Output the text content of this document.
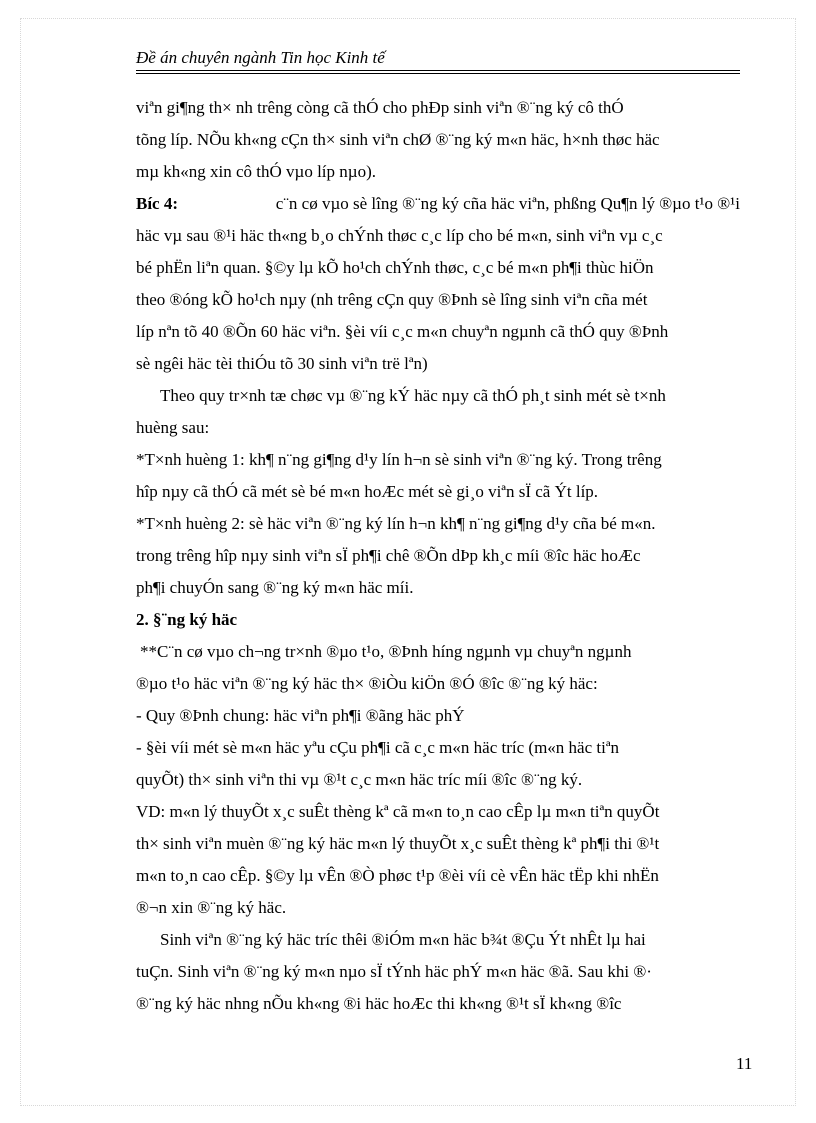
Đề án chuyên ngành Tin học Kinh tế
viªn gi¶ng th× nh trêng còng cã thÓ cho phÐp sinh viªn ®¨ng ký cô thÓ
tõng líp. NÕu kh«ng cÇn th× sinh viªn chØ ®¨ng ký m«n häc, h×nh thøc häc
mµ kh«ng xin cô thÓ vµo líp nµo).
Bíc 4:	c¨n cø vµo sè lîng ®¨ng ký cña häc viªn, phßng Qu¶n lý ®µo t¹o ®¹i
häc vµ sau ®¹i häc th«ng b¸o chÝnh thøc c¸c líp cho bé m«n, sinh viªn vµ c¸c
bé phËn liªn quan. §©y lµ kÕ ho¹ch chÝnh thøc, c¸c bé m«n ph¶i thùc hiÖn
theo ®óng kÕ ho¹ch nµy (nh trêng cÇn quy ®Þnh sè lîng sinh viªn cña mét
líp nªn tõ 40 ®Õn 60 häc viªn. §èi víi c¸c m«n chuyªn ngµnh cã thÓ quy ®Þnh
sè ngêi häc tèi thiÓu tõ 30 sinh viªn trë lªn)
Theo quy tr×nh tæ chøc vµ ®¨ng kÝ häc nµy cã thÓ ph¸t sinh mét sè t×nh
huèng sau:
*T×nh huèng 1: kh¶ n¨ng gi¶ng d¹y lín h¬n sè sinh viªn ®¨ng ký. Trong trêng
hîp nµy cã thÓ cã mét sè bé m«n hoÆc mét sè gi¸o viªn sÏ cã Ýt líp.
*T×nh huèng 2: sè häc viªn ®¨ng ký lín h¬n kh¶ n¨ng gi¶ng d¹y cña bé m«n.
trong trêng hîp nµy sinh viªn sÏ ph¶i chê ®Õn dÞp kh¸c míi ®îc häc hoÆc
ph¶i chuyÓn sang ®¨ng ký m«n häc míi.
2. §¨ng ký häc
**C¨n cø vµo ch¬ng tr×nh ®µo t¹o, ®Þnh híng ngµnh vµ chuyªn ngµnh
®µo t¹o häc viªn ®¨ng ký häc th× ®iÒu kiÖn ®Ó ®îc ®¨ng ký häc:
- Quy ®Þnh chung: häc viªn ph¶i ®ãng häc phÝ
- §èi víi mét sè m«n häc yªu cÇu ph¶i cã c¸c m«n häc tríc (m«n häc tiªn
quyÕt) th× sinh viªn thi vµ ®¹t c¸c m«n häc tríc míi ®îc ®¨ng ký.
VD: m«n lý thuyÕt x¸c suÊt thèng kª cã m«n to¸n cao cÊp lµ m«n tiªn quyÕt
th× sinh viªn muèn ®¨ng ký häc m«n lý thuyÕt x¸c suÊt thèng kª ph¶i thi ®¹t
m«n to¸n cao cÊp. §©y lµ vÊn ®Ò phøc t¹p ®èi víi cè vÊn häc tËp khi nhËn
®¬n xin ®¨ng ký häc.
Sinh viªn ®¨ng ký häc tríc thêi ®iÓm m«n häc b¾t ®Çu Ýt nhÊt lµ hai
tuÇn. Sinh viªn ®¨ng ký m«n nµo sÏ tÝnh häc phÝ m«n häc ®ã. Sau khi ®·
®¨ng ký häc nhng nÕu kh«ng ®i häc hoÆc thi kh«ng ®¹t sÏ kh«ng ®îc
11
